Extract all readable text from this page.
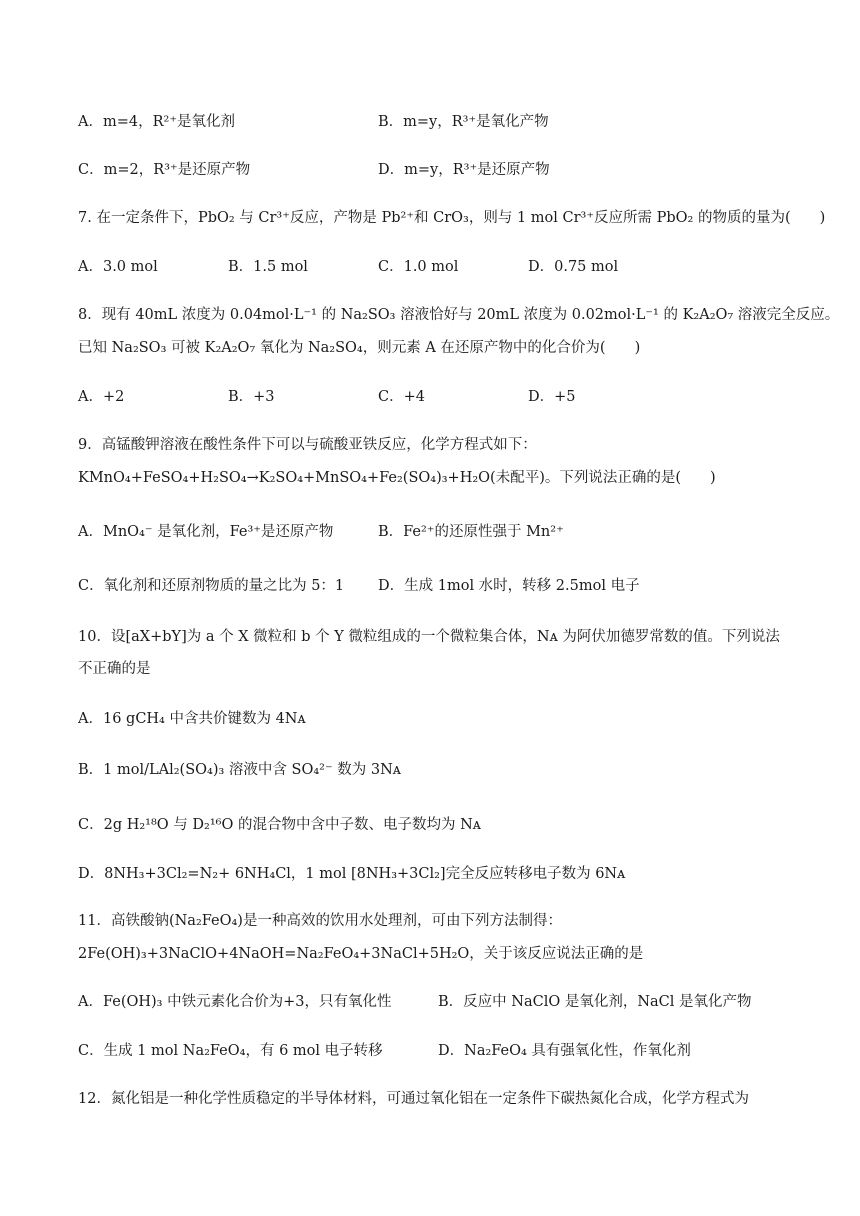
A．m=4，R²⁺是氧化剂	B．m=y，R³⁺是氧化产物
C．m=2，R³⁺是还原产物	D．m=y，R³⁺是还原产物
7. 在一定条件下，PbO₂ 与 Cr³⁺反应，产物是 Pb²⁺和 CrO₃，则与 1 mol Cr³⁺反应所需 PbO₂ 的物质的量为(　　)
A．3.0 mol	B．1.5 mol	C．1.0 mol	D．0.75 mol
8．现有 40mL 浓度为 0.04mol·L⁻¹ 的 Na₂SO₃ 溶液恰好与 20mL 浓度为 0.02mol·L⁻¹ 的 K₂A₂O₇ 溶液完全反应。
已知 Na₂SO₃ 可被 K₂A₂O₇ 氧化为 Na₂SO₄，则元素 A 在还原产物中的化合价为(　　)
A．+2	B．+3	C．+4	D．+5
9．高锰酸钾溶液在酸性条件下可以与硫酸亚铁反应，化学方程式如下：
KMnO₄+FeSO₄+H₂SO₄→K₂SO₄+MnSO₄+Fe₂(SO₄)₃+H₂O(未配平)。下列说法正确的是(　　)
A．MnO₄⁻ 是氧化剂，Fe³⁺是还原产物	B．Fe²⁺的还原性强于 Mn²⁺
C．氧化剂和还原剂物质的量之比为 5：1 D．生成 1mol 水时，转移 2.5mol 电子
10．设[aX+bY]为 a 个 X 微粒和 b 个 Y 微粒组成的一个微粒集合体，Nᴀ 为阿伏加德罗常数的值。下列说法
不正确的是
A．16 gCH₄ 中含共价键数为 4Nᴀ
B．1 mol/LAl₂(SO₄)₃ 溶液中含 SO₄²⁻ 数为 3Nᴀ
C．2g H₂¹⁸O 与 D₂¹⁶O 的混合物中含中子数、电子数均为 Nᴀ
D．8NH₃+3Cl₂=N₂+ 6NH₄Cl，1 mol [8NH₃+3Cl₂]完全反应转移电子数为 6Nᴀ
11．高铁酸钠(Na₂FeO₄)是一种高效的饮用水处理剂，可由下列方法制得：
2Fe(OH)₃+3NaClO+4NaOH=Na₂FeO₄+3NaCl+5H₂O，关于该反应说法正确的是
A．Fe(OH)₃ 中铁元素化合价为+3，只有氧化性	B．反应中 NaClO 是氧化剂，NaCl 是氧化产物
C．生成 1 mol Na₂FeO₄，有 6 mol 电子转移	D．Na₂FeO₄ 具有强氧化性，作氧化剂
12．氮化铝是一种化学性质稳定的半导体材料，可通过氧化铝在一定条件下碳热氮化合成，化学方程式为
